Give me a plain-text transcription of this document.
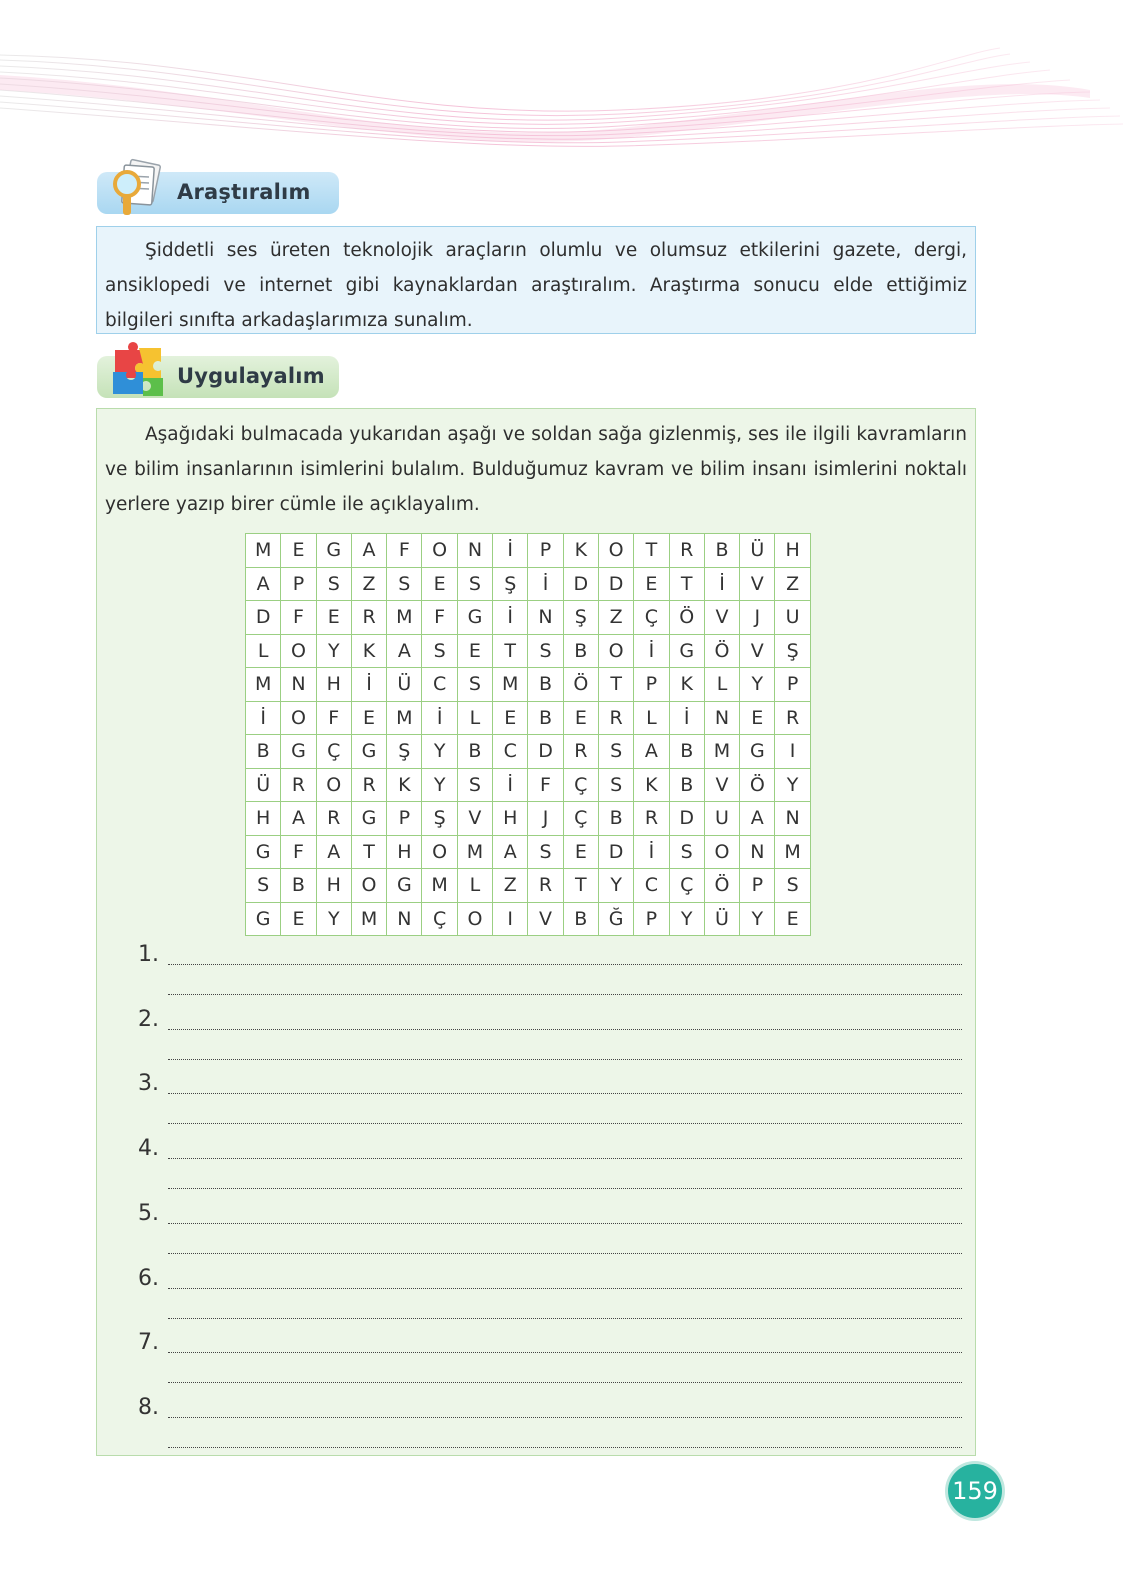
Araştıralım
Şiddetli ses üreten teknolojik araçların olumlu ve olumsuz etkilerini gazete, dergi, ansiklopedi ve internet gibi kaynaklardan araştıralım. Araştırma sonucu elde ettiğimiz bilgileri sınıfta arkadaşlarımıza sunalım.
Uygulayalım
Aşağıdaki bulmacada yukarıdan aşağı ve soldan sağa gizlenmiş, ses ile ilgili kavramların ve bilim insanlarının isimlerini bulalım. Bulduğumuz kavram ve bilim insanı isimlerini noktalı yerlere yazıp birer cümle ile açıklayalım.
M	E	G	A	F	O	N	İ	P	K	O	T	R	B	Ü	H
A	P	S	Z	S	E	S	Ş	İ	D	D	E	T	İ	V	Z
D	F	E	R	M	F	G	İ	N	Ş	Z	Ç	Ö	V	J	U
L	O	Y	K	A	S	E	T	S	B	O	İ	G	Ö	V	Ş
M	N	H	İ	Ü	C	S	M	B	Ö	T	P	K	L	Y	P
İ	O	F	E	M	İ	L	E	B	E	R	L	İ	N	E	R
B	G	Ç	G	Ş	Y	B	C	D	R	S	A	B	M	G	I
Ü	R	O	R	K	Y	S	İ	F	Ç	S	K	B	V	Ö	Y
H	A	R	G	P	Ş	V	H	J	Ç	B	R	D	U	A	N
G	F	A	T	H	O	M	A	S	E	D	İ	S	O	N	M
S	B	H	O	G	M	L	Z	R	T	Y	C	Ç	Ö	P	S
G	E	Y	M	N	Ç	O	I	V	B	Ğ	P	Y	Ü	Y	E
1.
2.
3.
4.
5.
6.
7.
8.
159
